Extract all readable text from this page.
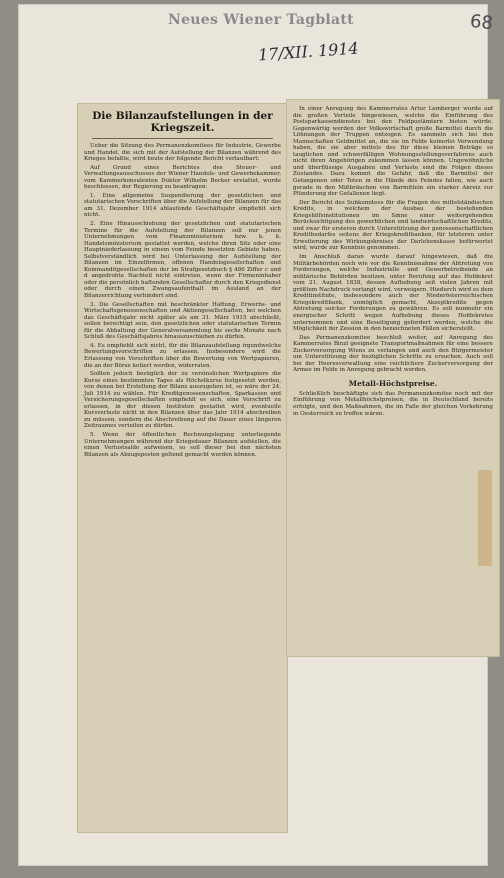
Neues Wiener Tagblatt	68
17/XII. 1914
Die Bilanzaufstellungen in der Kriegszeit.

Ueber die Sitzung des Permanenzkomitees für Industrie, Gewerbe und Handel, die sich mit der Aufstellung der Bilanzen während des Krieges befaßte, wird heute der folgende Bericht verlautbart:

Auf Grund eines Berichtes des Steuer- und Verwaltungsausschusses der Wiener Handels- und Gewerbekammer, vom Kammerkonsulenten Doktor Wilhelm Becker erstattet, wurde beschlossen, der Regierung zu beantragen:

1. Eine allgemeine Suspendierung der gesetzlichen und statutarischen Vorschriften über die Aufstellung der Bilanzen für das am 31. Dezember 1914 ablaufende Geschäftsjahr empfiehlt sich nicht.

2. Eine Hinausschiebung der gesetzlichen und statutarischen Termine für die Aufstellung der Bilanzen soll nur jenen Unternehmungen vom Finanzministerium bzw. k. k. Handelsministerium gestattet werden, welche ihren Sitz oder eine Hauptniederlassung in einem vom Feinde besetzten Gebiete haben. Selbstverständlich wird bei Unterlassung der Aufstellung der Bilanzen im Einzelfirmen, offenen Handelsgesellschaften und Kommanditgesellschaften der im Strafgesetzbuch § 486 Ziffer c und d angedrohte Nachteil nicht eintreten, wenn der Firmeninhaber oder die persönlich haftenden Gesellschafter durch den Kriegsdienst oder durch einen Zwangsaufenthalt im Ausland an der Bilanzerrichtung verhindert sind.

3. Die Gesellschaften mit beschränkter Haftung, Erwerbs- und Wirtschaftsgenossenschaften und Aktiengesellschaften, bei welchen das Geschäftsjahr nicht später als am 31. März 1915 abschließt, sollen berechtigt sein, den gesetzlichen oder statutarischen Termin für die Abhaltung der Generalversammlung bis sechs Monate nach Schluß des Geschäftsjahres hinauszuschieben zu dürfen.

4. Es empfiehlt sich nicht, für die Bilanzaufstellung irgendwelche Bewertungsvorschriften zu erlassen. Insbesondere wird die Erlassung von Vorschriften über die Bewertung von Wertpapieren, die an der Börse kotiert werden, widerraten.

Sollten jedoch bezüglich der zu verzinslichen Wertpapiere die Kurse eines bestimmten Tages als Höchstkurse festgesetzt werden, von denen bei Erstellung der Bilanz auszugehen ist, so wäre der 24. Juli 1914 zu wählen. Für Kreditgenossenschaften, Sparkassen und Versicherungsgesellschaften empfiehlt es sich, eine Vorschrift zu erlassen, in der diesen Instituten gestattet wird, eventuelle Kursverluste nicht in den Bilanzen über das Jahr 1914 abschreiben zu müssen, sondern die Abschreibung auf die Dauer eines längeren Zeitraumes verteilen zu dürfen.

5. Wenn der öffentlichen Rechnungslegung unterliegende Unternehmungen während der Kriegsdauer Bilanzen aufstellen, die einen Verlustsaldo aufweisen, so soll dieser bei den nächsten Bilanzen als Abzugsposten geltend gemacht werden können.

In einer Anregung des Kammerrates Artur Lemberger wurde auf die großen Vorteile hingewiesen, welche die Einführung des Postsparkassendienstes bei den Feldpostämtern bieten würde. Gegenwärtig werden der Volkswirtschaft große Barmittel durch die Löhnungen der Truppen entzogen. Es sammeln sich bei den Mannschaften Geldmittel an, die sie im Felde keinerlei Verwendung haben, die sie aber mittels des für diese kleinen Beträge so tauglichen und schwerfälligen Wohnungsstellungsverfahrens auch nicht ihren Angehörigen zukommen lassen können. Ungewöhnliche und überflüssige Ausgaben und Verluste sind die Folgen dieses Zustandes. Dazu kommt die Gefahr, daß die Barmittel der Gefangenen oder Toten in die Hände des Feindes fallen, wie auch gerade in den Mißbräuchen von Barmitteln ein starker Anreiz zur Plünderung der Gefallenen liegt.

Der Bericht des Subkomitees für die Fragen des mittelständischen Kredits, in welchem der Ausbau der bestehenden Kriegshilfsinstitutionen im Sinne einer weitergehenden Berücksichtigung des gewerblichen und landwirtschaftlichen Kredits, und zwar für ersteren durch Unterstützung der genossenschaftlichen Kreditbedarfes seitens der Kriegskreditbanken, für letzteren unter Erweiterung des Wirkungskreises der Darlehenskasse befürwortet wird, wurde zur Kenntnis genommen.

Im Anschluß daran wurde darauf hingewiesen, daß die Militärbehörden noch wie vor die Kenntnisnahme der Abtretung von Forderungen, welche Industrielle und Gewerbetreibende an militärische Behörden besitzen, unter Berufung auf das Hofdekret vom 21. August 1838, dessen Aufhebung seit vielen Jahren mit größtem Nachdruck verlangt wird, verweigern. Hiedurch wird es dem Kreditinstitute, insbesondere auch der Niederösterreichischen Kriegskreditbank, unmöglich gemacht, Akzeptkredite gegen Abtretung solcher Forderungen zu gewähren. Es soll nunmehr ein energischer Schritt wegen Aufhebung dieses Hofdekretes unternommen und eine Beseitigung gefordert werden, welche die Möglichkeit der Zession in den bezeichneten Fällen sicherstellt.

Das Permanenzkomitee beschloß weiter, auf Anregung des Kammerrates Binzl geeignete Transportmaßnahmen für eine bessere Zuckerversorgung Wiens zu verlangen und auch den Bürgermeister um Unterstützung der bezüglichen Schritte zu ersuchen. Auch soll bei der Heeresverwaltung eine reichlichere Zuckerversorgung der Armee im Felde in Anregung gebracht werden.

Metall-Höchstpreise.

Schließlich beschäftigte sich das Permanenzkomitee noch mit der Einführung von Metallhöchstpreisen, die in Deutschland bereits erfolgte, und den Maßnahmen, die im Falle der gleichen Vorkehrung in Oesterreich zu treffen wären.
